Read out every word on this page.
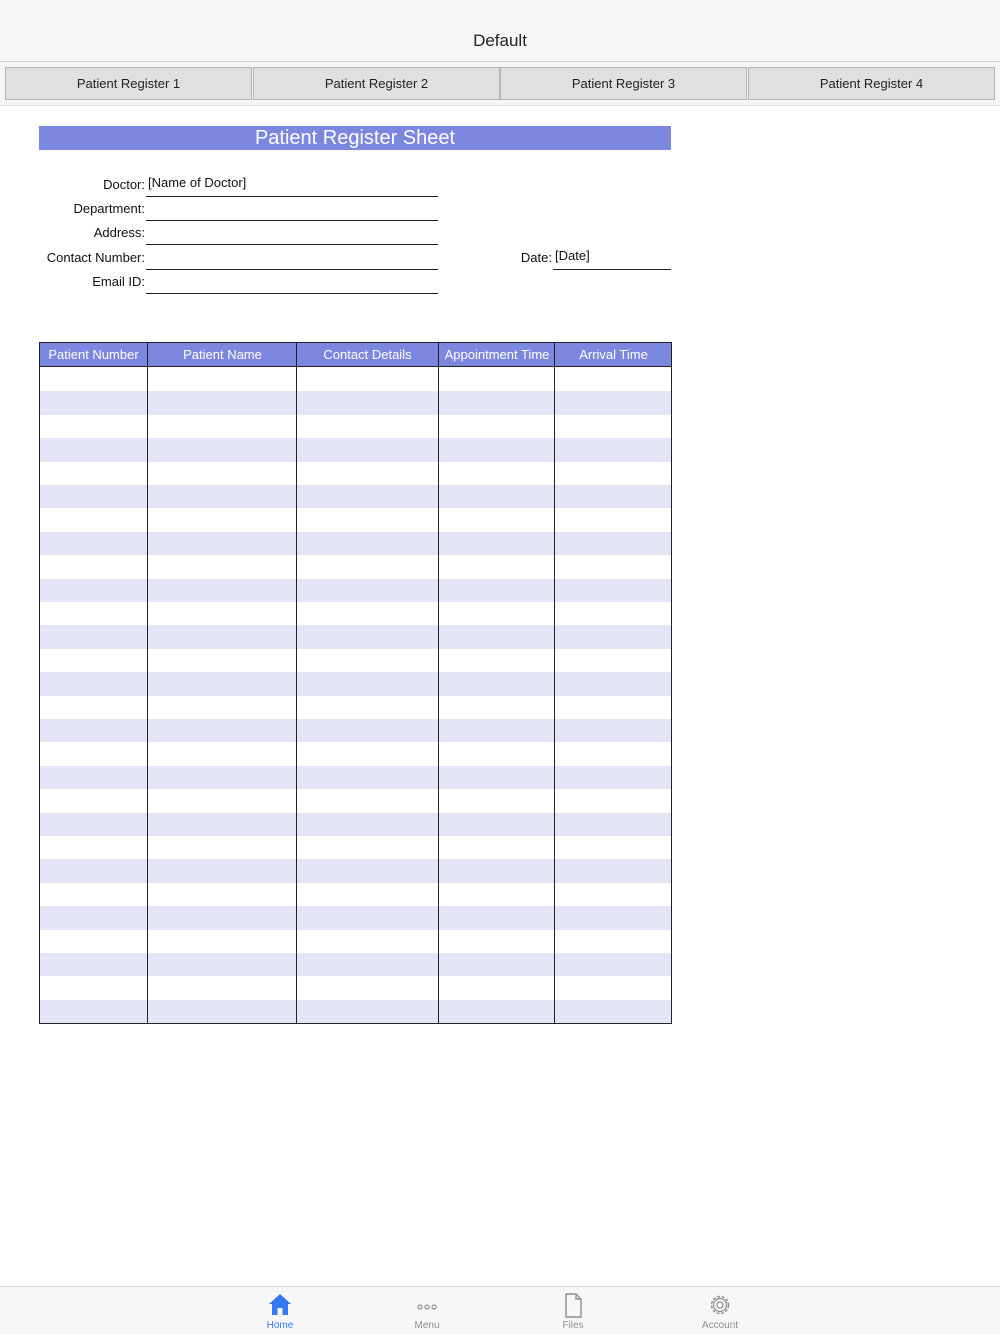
Default
Patient Register 1	Patient Register 2	Patient Register 3	Patient Register 4
Patient Register Sheet
Doctor: [Name of Doctor]
Department:
Address:
Contact Number:
Email ID:
Date: [Date]
Patient Number	Patient Name	Contact Details	Appointment Time	Arrival Time
Home	Menu	Files	Account
